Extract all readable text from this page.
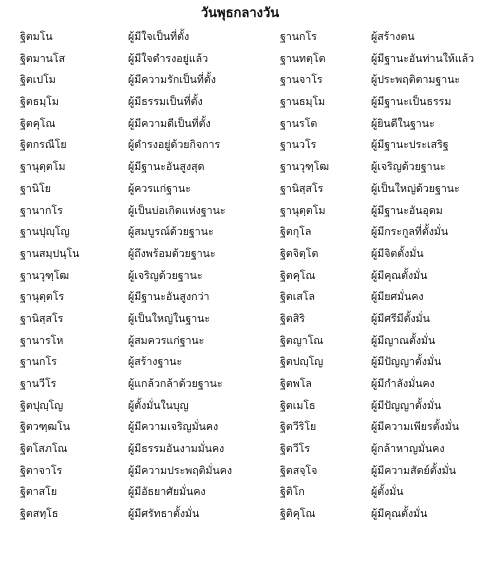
วันพุธกลางวัน
ฐิตมโน	ผู้มีใจเป็นที่ตั้ง	ฐานกโร	ผู้สร้างตน
ฐิตมานโส	ผู้มีใจดำรงอยู่แล้ว	ฐานทตฺโต	ผู้มีฐานะอันท่านให้แล้ว
ฐิตเปโม	ผู้มีความรักเป็นที่ตั้ง	ฐานจาโร	ผู้ประพฤติตามฐานะ
ฐิตธมฺโม	ผู้มีธรรมเป็นที่ตั้ง	ฐานธมฺโม	ผู้มีฐานะเป็นธรรม
ฐิตคุโณ	ผู้มีความดีเป็นที่ตั้ง	ฐานรโต	ผู้ยินดีในฐานะ
ฐิตกรณีโย	ผู้ดำรงอยู่ด้วยกิจการ	ฐานวโร	ผู้มีฐานะประเสริฐ
ฐานุตฺตโม	ผู้มีฐานะอันสูงสุด	ฐานวุฑฺโฒ	ผู้เจริญด้วยฐานะ
ฐานิโย	ผู้ควรแก่ฐานะ	ฐานิสฺสโร	ผู้เป็นใหญ่ด้วยฐานะ
ฐานากโร	ผู้เป็นบ่อเกิดแห่งฐานะ	ฐานุตฺตโม	ผู้มีฐานะอันอุดม
ฐานปุญฺโญ	ผู้สมบูรณ์ด้วยฐานะ	ฐิตกุโล	ผู้มีกระกูลที่ตั้งมั่น
ฐานสมฺปนฺโน	ผู้ถึงพร้อมด้วยฐานะ	ฐิตจิตฺโต	ผู้มีจิตตั้งมั่น
ฐานวุฑฺโฒ	ผู้เจริญด้วยฐานะ	ฐิตคุโณ	ผู้มีคุณตั้งมั่น
ฐานุตฺตโร	ผู้มีฐานะอันสูงกว่า	ฐิตเสโล	ผู้มียศมั่นคง
ฐานิสฺสโร	ผู้เป็นใหญ่ในฐานะ	ฐิตสิริ	ผู้มีศรีมีตั้งมั่น
ฐานารโห	ผู้สมควรแก่ฐานะ	ฐิตญาโณ	ผู้มีญาณตั้งมั่น
ฐานกโร	ผู้สร้างฐานะ	ฐิตปญฺโญ	ผู้มีปัญญาตั้งมั่น
ฐานวีโร	ผู้แกล้วกล้าด้วยฐานะ	ฐิตพโล	ผู้มีกำลังมั่นคง
ฐิตปุญฺโญ	ผู้ตั้งมั่นในบุญ	ฐิตเมโธ	ผู้มีปัญญาตั้งมั่น
ฐิตวฑฺฒโน	ผู้มีความเจริญมั่นคง	ฐิตวีริโย	ผู้มีความเพียรตั้งมั่น
ฐิตโสภโณ	ผู้มีธรรมอันงามมั่นคง	ฐิตวีโร	ผู้กล้าหาญมั่นคง
ฐิตาจาโร	ผู้มีความประพฤติมั่นคง	ฐิตสจฺโจ	ผู้มีความสัตย์ตั้งมั่น
ฐิตาสโย	ผู้มีอัธยาศัยมั่นคง	ฐิติโก	ผู้ตั้งมั่น
ฐิตสทฺโธ	ผู้มีศรัทธาตั้งมั่น	ฐิติคุโณ	ผู้มีคุณตั้งมั่น
